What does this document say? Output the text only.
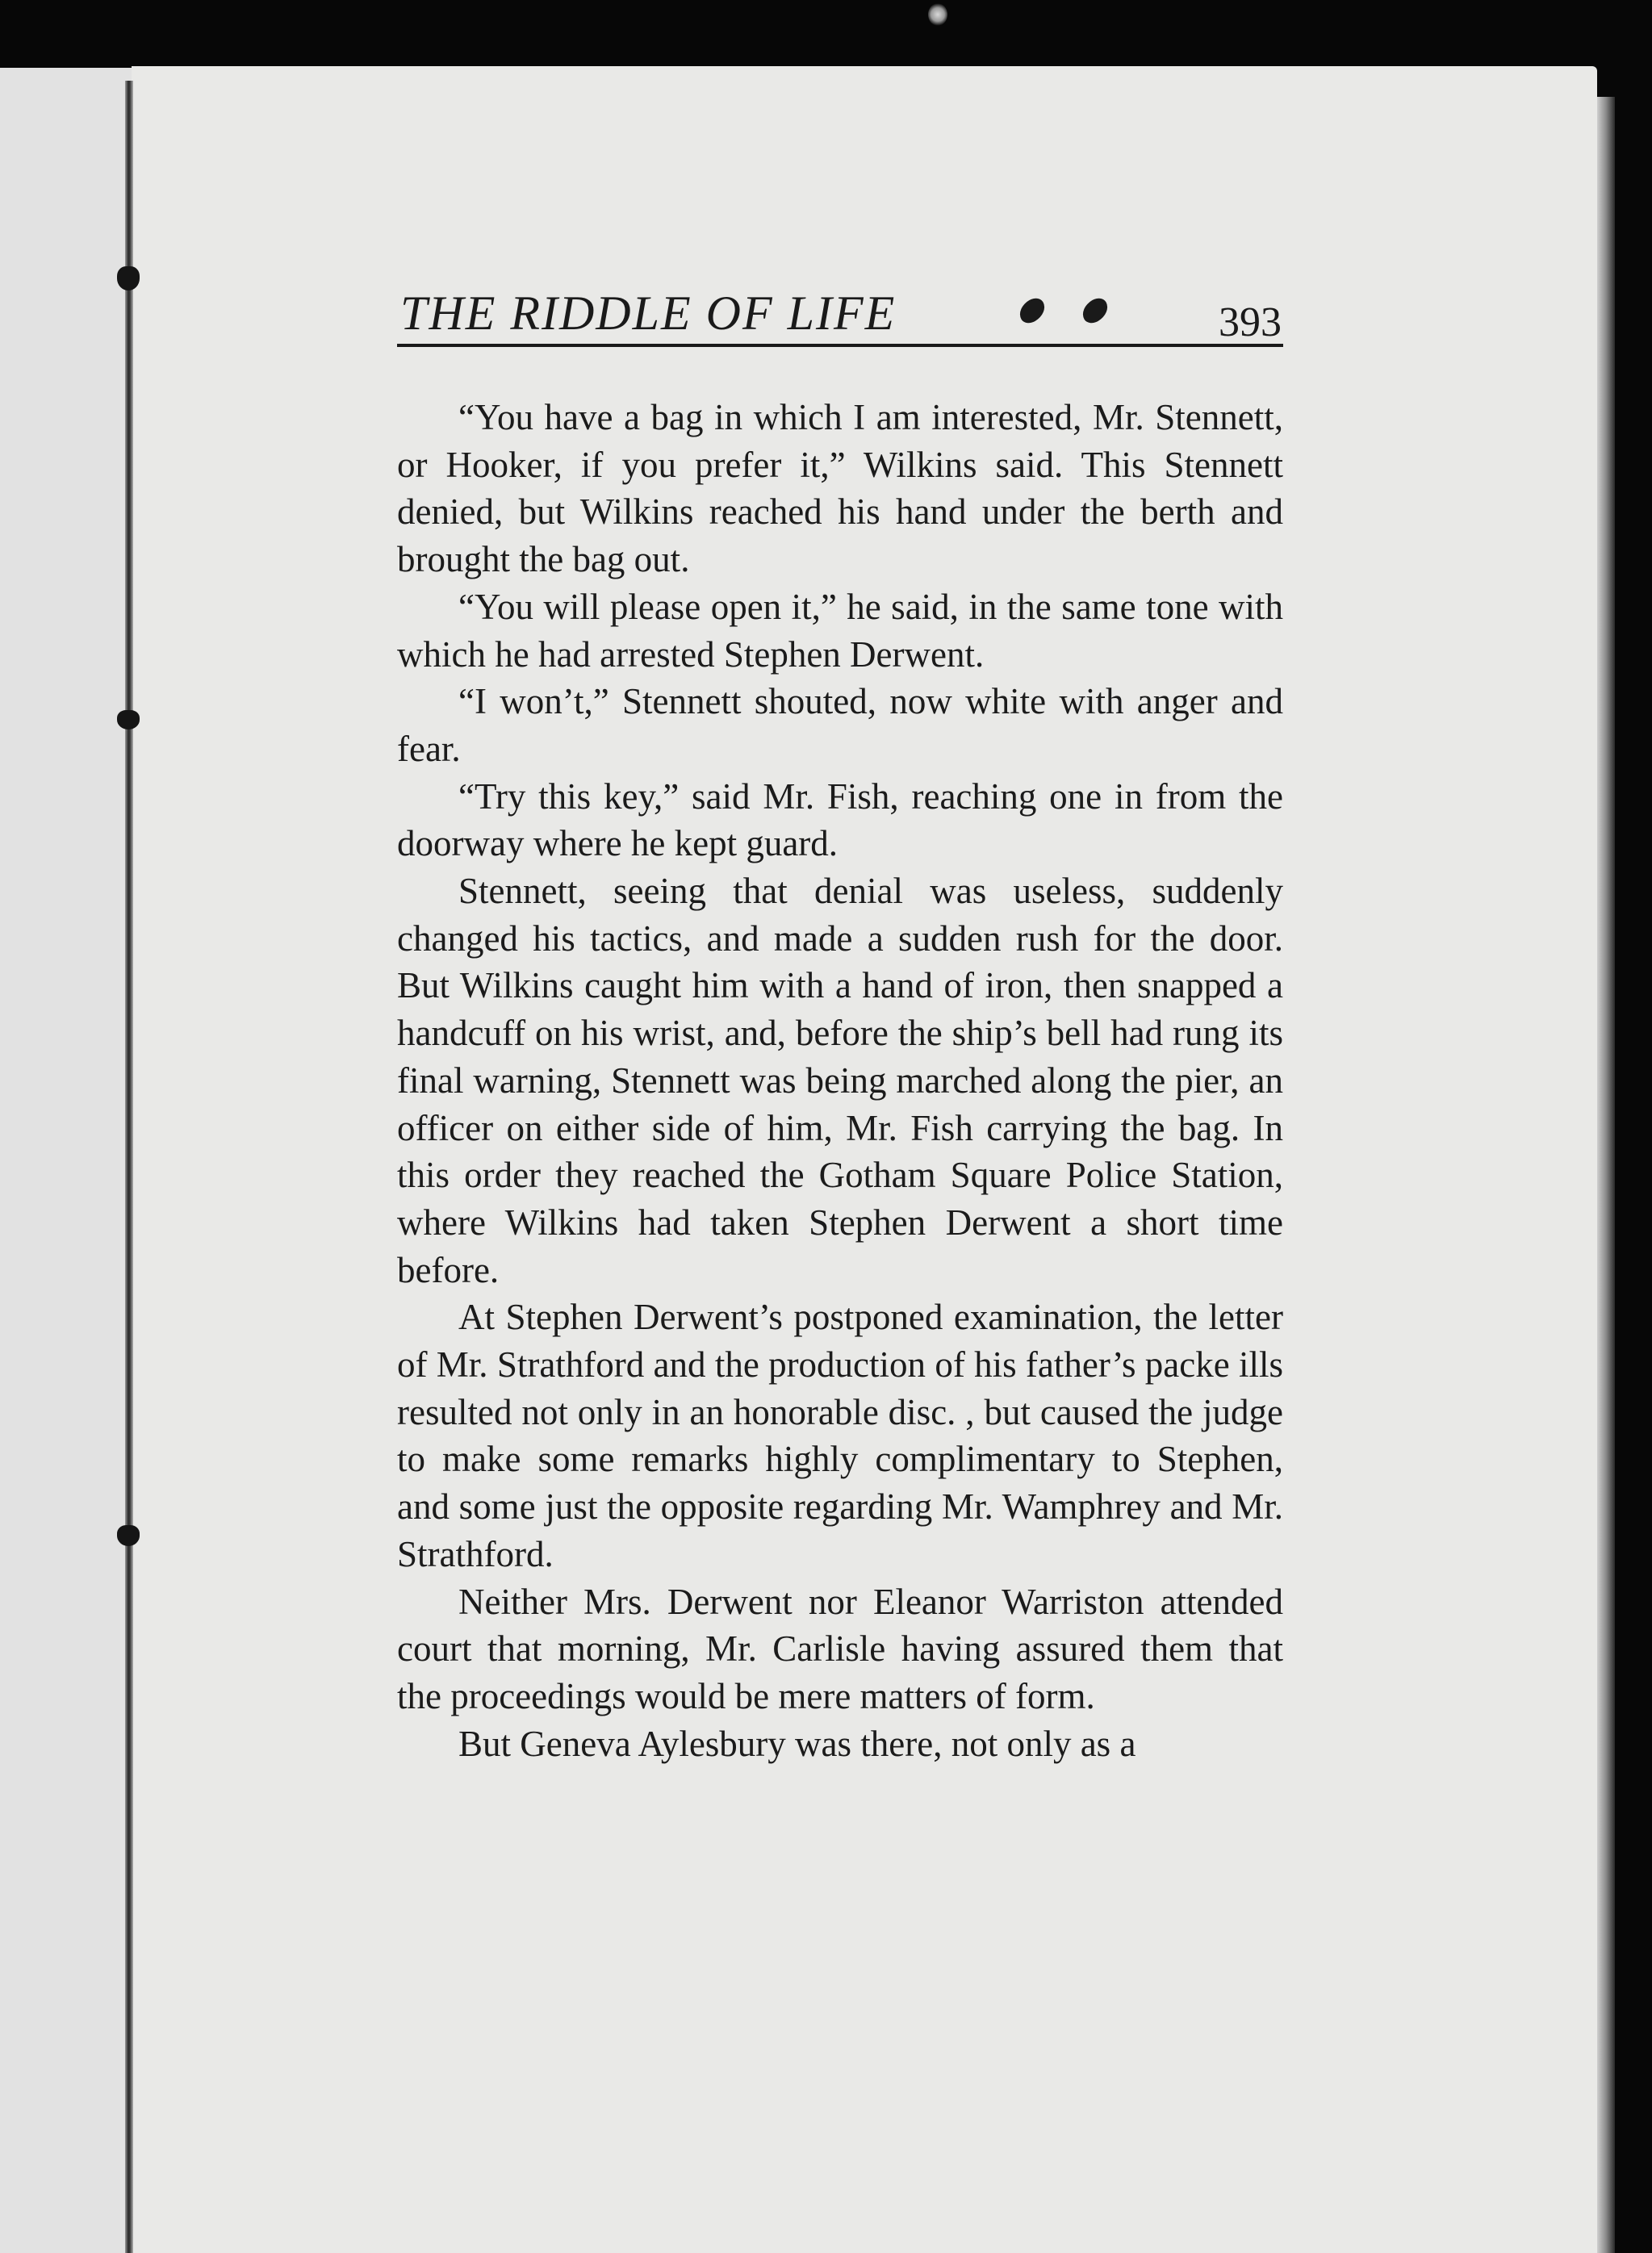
THE RIDDLE OF LIFE	393

“You have a bag in which I am interested, Mr. Stennett, or Hooker, if you prefer it,” Wilkins said. This Stennett denied, but Wilkins reached his hand under the berth and brought the bag out.

“You will please open it,” he said, in the same tone with which he had arrested Stephen Derwent.

“I won’t,” Stennett shouted, now white with anger and fear.

“Try this key,” said Mr. Fish, reaching one in from the doorway where he kept guard.

Stennett, seeing that denial was useless, suddenly changed his tactics, and made a sudden rush for the door. But Wilkins caught him with a hand of iron, then snapped a handcuff on his wrist, and, before the ship’s bell had rung its final warning, Stennett was being marched along the pier, an officer on either side of him, Mr. Fish carrying the bag. In this order they reached the Gotham Square Police Station, where Wilkins had taken Stephen Derwent a short time before.

At Stephen Derwent’s postponed examination, the letter of Mr. Strathford and the production of his father’s packe ills resulted not only in an honorable disc. , but caused the judge to make some remarks highly complimentary to Stephen, and some just the opposite regarding Mr. Wamphrey and Mr. Strathford.

Neither Mrs. Derwent nor Eleanor Warriston attended court that morning, Mr. Carlisle having assured them that the proceedings would be mere matters of form.

But Geneva Aylesbury was there, not only as a
